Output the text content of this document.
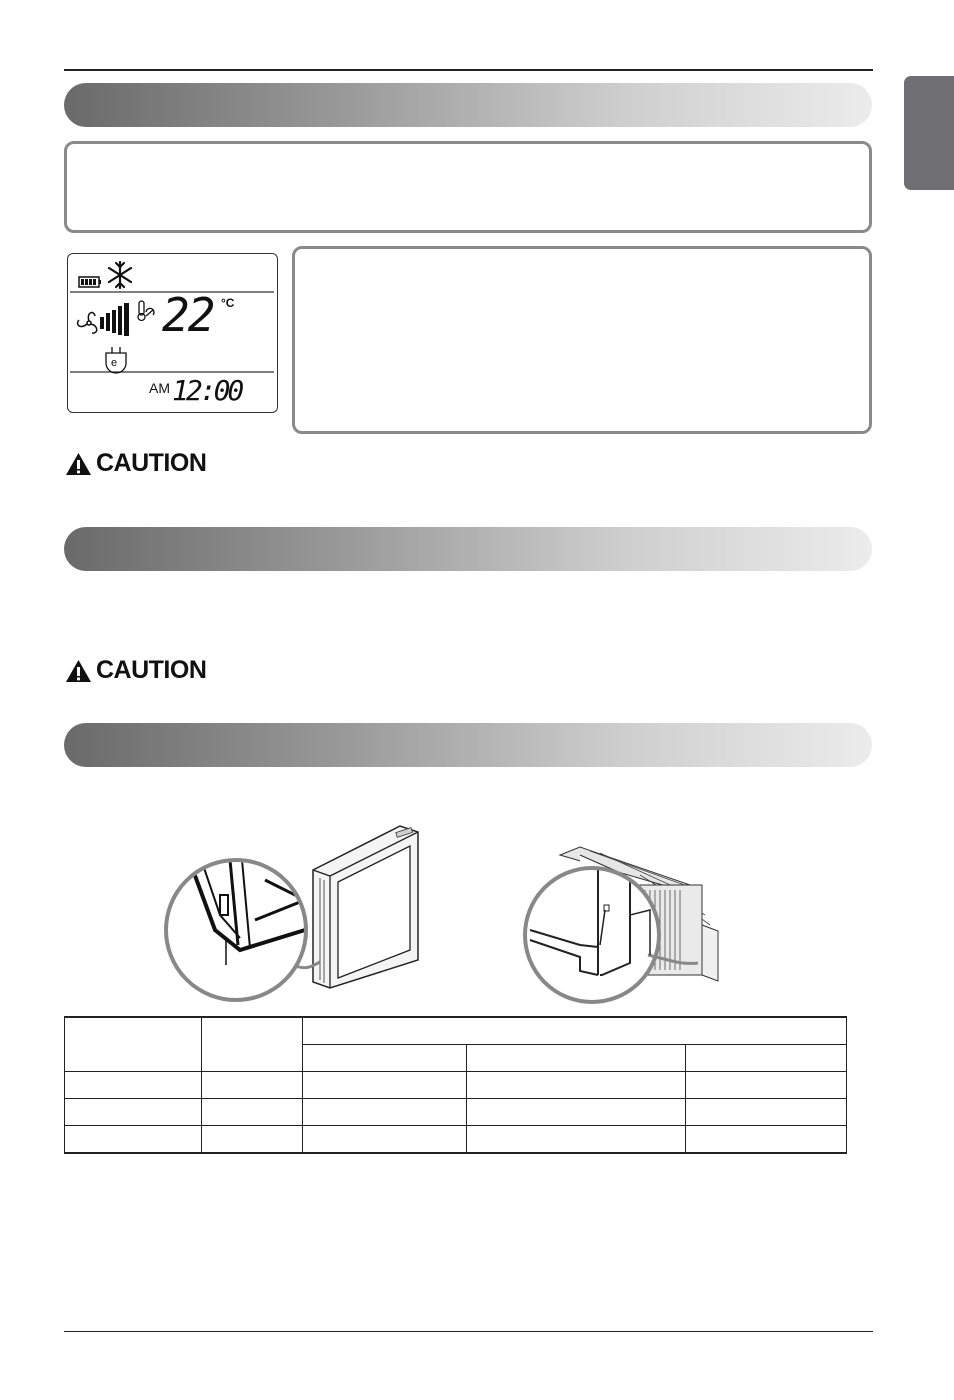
e
22 °C
AM 12:00
CAUTION
CAUTION
